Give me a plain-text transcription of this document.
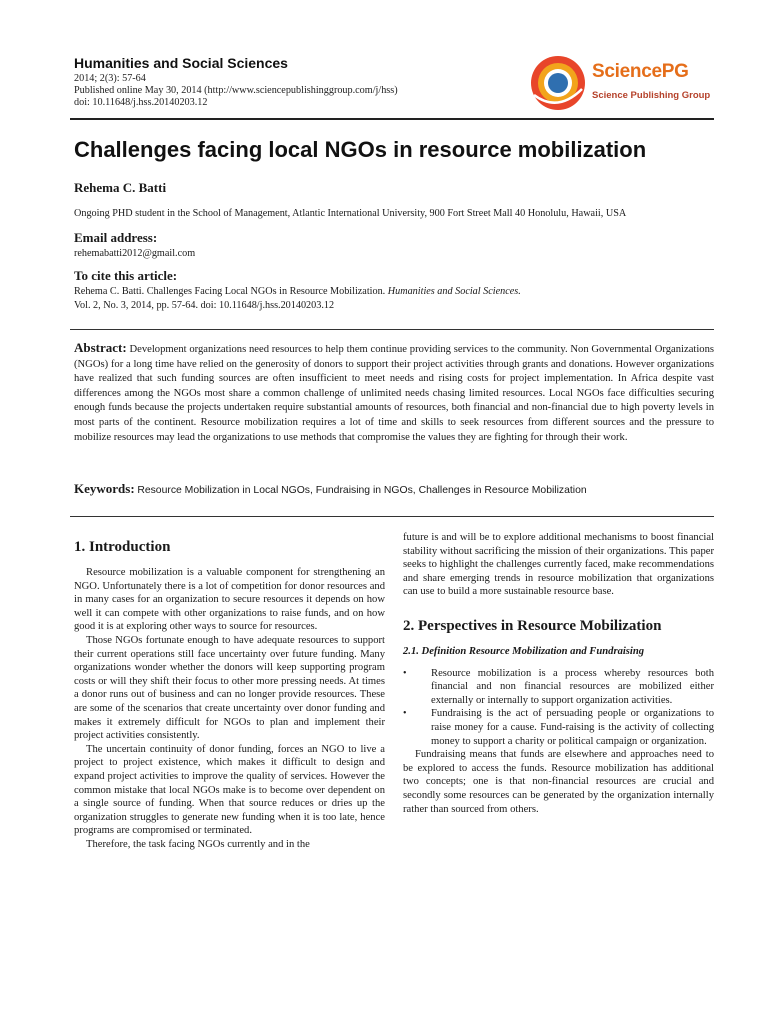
Humanities and Social Sciences
2014; 2(3): 57-64
Published online May 30, 2014 (http://www.sciencepublishinggroup.com/j/hss)
doi: 10.11648/j.hss.20140203.12
SciencePG
Science Publishing Group
Challenges facing local NGOs in resource mobilization
Rehema C. Batti
Ongoing PHD student in the School of Management, Atlantic International University, 900 Fort Street Mall 40 Honolulu, Hawaii, USA
Email address:
rehemabatti2012@gmail.com
To cite this article:
Rehema C. Batti. Challenges Facing Local NGOs in Resource Mobilization. Humanities and Social Sciences.
Vol. 2, No. 3, 2014, pp. 57-64. doi: 10.11648/j.hss.20140203.12
Abstract: Development organizations need resources to help them continue providing services to the community. Non Governmental Organizations (NGOs) for a long time have relied on the generosity of donors to support their project activities through grants and donations. However organizations have realized that such funding sources are often insufficient to meet needs and rising costs for project implementation. In Africa despite vast differences among the NGOs most share a common challenge of unlimited needs chasing limited resources. Local NGOs face difficulties securing enough funds because the projects undertaken require substantial amounts of resources, both financial and non-financial due to high poverty levels in most parts of the continent. Resource mobilization requires a lot of time and skills to seek resources from different sources and the pressure to mobilize resources may lead the organizations to use methods that compromise the values they are fighting for through their work.
Keywords: Resource Mobilization in Local NGOs, Fundraising in NGOs, Challenges in Resource Mobilization
1. Introduction

Resource mobilization is a valuable component for strengthening an NGO. Unfortunately there is a lot of competition for donor resources and in many cases for an organization to secure resources it depends on how well it can compete with other organizations to raise funds, and on how good it is at exploring other ways to source for resources.

Those NGOs fortunate enough to have adequate resources to support their current operations still face uncertainty over future funding. Many organizations wonder whether the donors will keep supporting program costs or will they shift their focus to other more pressing needs. At times a donor runs out of business and can no longer provide resources. These are some of the scenarios that create uncertainty over donor funding and makes it extremely difficult for NGOs to plan and implement their project activities consistently.

The uncertain continuity of donor funding, forces an NGO to live a project to project existence, which makes it difficult to design and expand project activities to improve the quality of services. However the common mistake that local NGOs make is to become over dependent on a single source of funding. When that source reduces or dries up the organization struggles to generate new funding when it is too late, hence programs are compromised or terminated.

Therefore, the task facing NGOs currently and in the

future is and will be to explore additional mechanisms to boost financial stability without sacrificing the mission of their organizations. This paper seeks to highlight the challenges currently faced, make recommendations and share emerging trends in resource mobilization that organizations can use to build a more sustainable resource base.

2. Perspectives in Resource Mobilization
2.1. Definition Resource Mobilization and Fundraising
• Resource mobilization is a process whereby resources both financial and non financial resources are mobilized either externally or internally to support organization activities.
• Fundraising is the act of persuading people or organizations to raise money for a cause. Fund-raising is the activity of collecting money to support a charity or political campaign or organization.

Fundraising means that funds are elsewhere and approaches need to be explored to access the funds. Resource mobilization has additional two concepts; one is that non-financial resources are crucial and secondly some resources can be generated by the organization internally rather than sourced from others.
